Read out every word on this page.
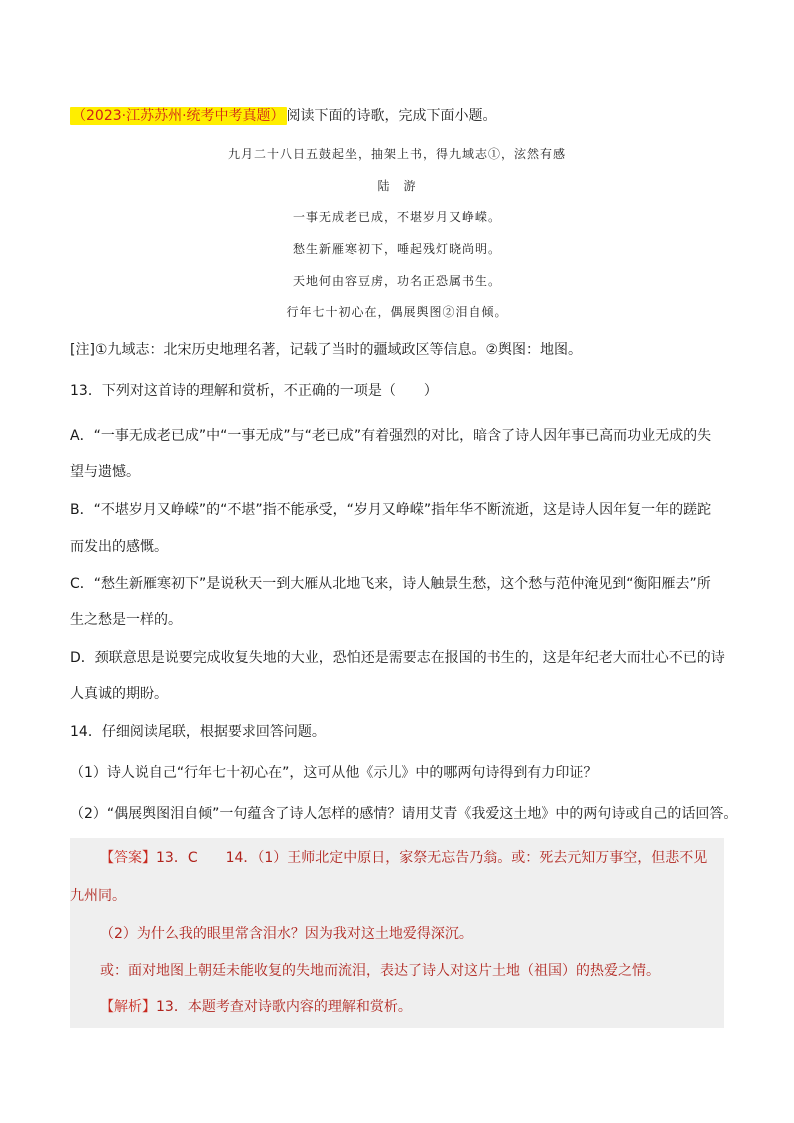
（2023·江苏苏州·统考中考真题） 阅读下面的诗歌，完成下面小题。
九月二十八日五鼓起坐，抽架上书，得九域志①，泫然有感
陆　游
一事无成老已成，不堪岁月又峥嵘。
愁生新雁寒初下，唾起残灯晓尚明。
天地何由容豆虏，功名正恐属书生。
行年七十初心在，偶展舆图②泪自倾。
[注]①九域志：北宋历史地理名著，记载了当时的疆域政区等信息。②舆图：地图。
13．下列对这首诗的理解和赏析，不正确的一项是（　　）
A．“一事无成老已成”中“一事无成”与“老已成”有着强烈的对比，暗含了诗人因年事已高而功业无成的失
望与遗憾。
B．“不堪岁月又峥嵘”的“不堪”指不能承受，“岁月又峥嵘”指年华不断流逝，这是诗人因年复一年的蹉跎
而发出的感慨。
C．“愁生新雁寒初下”是说秋天一到大雁从北地飞来，诗人触景生愁，这个愁与范仲淹见到“衡阳雁去”所
生之愁是一样的。
D．颈联意思是说要完成收复失地的大业，恐怕还是需要志在报国的书生的，这是年纪老大而壮心不已的诗
人真诚的期盼。
14．仔细阅读尾联，根据要求回答问题。
（1）诗人说自己“行年七十初心在”，这可从他《示儿》中的哪两句诗得到有力印证？
（2）“偶展舆图泪自倾”一句蕴含了诗人怎样的感情？请用艾青《我爱这土地》中的两句诗或自己的话回答。
【答案】13．C　　14．（1）王师北定中原日，家祭无忘告乃翁。或：死去元知万事空，但悲不见
九州同。
（2）为什么我的眼里常含泪水？因为我对这土地爱得深沉。
或：面对地图上朝廷未能收复的失地而流泪，表达了诗人对这片土地（祖国）的热爱之情。
【解析】13．本题考查对诗歌内容的理解和赏析。
